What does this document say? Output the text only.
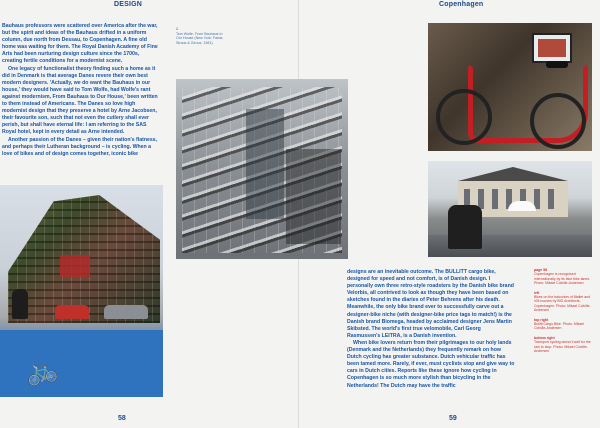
DESIGN

Bauhaus professors were scattered over America after the war, but the spirit and ideas of the Bauhaus drifted in a uniform column, due north from Dessau, to Copenhagen. A fine old home was waiting for them. The Royal Danish Academy of Fine Arts had been nurturing design culture since the 1700s, creating fertile conditions for a modernist scene.

One legacy of functionalist theory finding such a home as it did in Denmark is that average Danes revere their own best modern designers. 'Actually, we do want the Bauhaus in our house,' they would have said to Tom Wolfe, had Wolfe's rant against modernism, From Bauhaus to Our House,' been written to them instead of Americans. The Danes so love high modernist design that they preserve a hotel by Arne Jacobsen, their favourite son, such that not even the cutlery shall ever perish, but shall have eternal life: I am referring to the SAS Royal hotel, kept in every detail as Arne intended.

Another passion of the Danes – given their nation's flatness, and perhaps their Lutheran background – is cycling. When a love of bikes and of design comes together, iconic bike

🚲
58
Copenhagen
59
1
Tom Wolfe, From Bauhaus to Our House (New York: Farrar, Straus & Giroux, 1981).

designs are an inevitable outcome. The BULLITT cargo bike, designed for speed and not comfort, is of Danish design. I personally own three retro-style roadsters by the Danish bike brand Velorbis, all contrived to look as though they have been based on sketches found in the diaries of Peter Behrens after his death. Meanwhile, the only bike brand ever to successfully carve out a designer-bike niche (with designer-bike price tags to match!) is the Danish brand Biomega, headed by acclaimed designer Jens Martin Skibsted. The world's first true velomobile, Carl Georg Rasmussen's LEITRA, is a Danish invention.

When bike lovers return from their pilgrimages to our holy lands (Denmark and the Netherlands) they frequently remark on how Dutch cycling has greater substance. Dutch vehicular traffic has been tamed more. Rarely, if ever, must cyclists stop and give way to cars in Dutch cities. Reports like these ignore how cycling in Copenhagen is so much more stylish than bicycling in the Netherlands! The Dutch may have the traffic

page 58
Copenhagen is recognised internationally by its blue bike lanes. Photo: Mikael Colville-Andersen
left
Bikes on the balconies of 8tallet and VM-houses by BIG Architects, Copenhagen. Photo: Mikael Colville-Andersen
top right
Bullitt Cargo Bike. Photo: Mikael Colville-Andersen
bottom right
Transport cycling doesn't wait for the rain to stop. Photo: Mikael Colville-Andersen
